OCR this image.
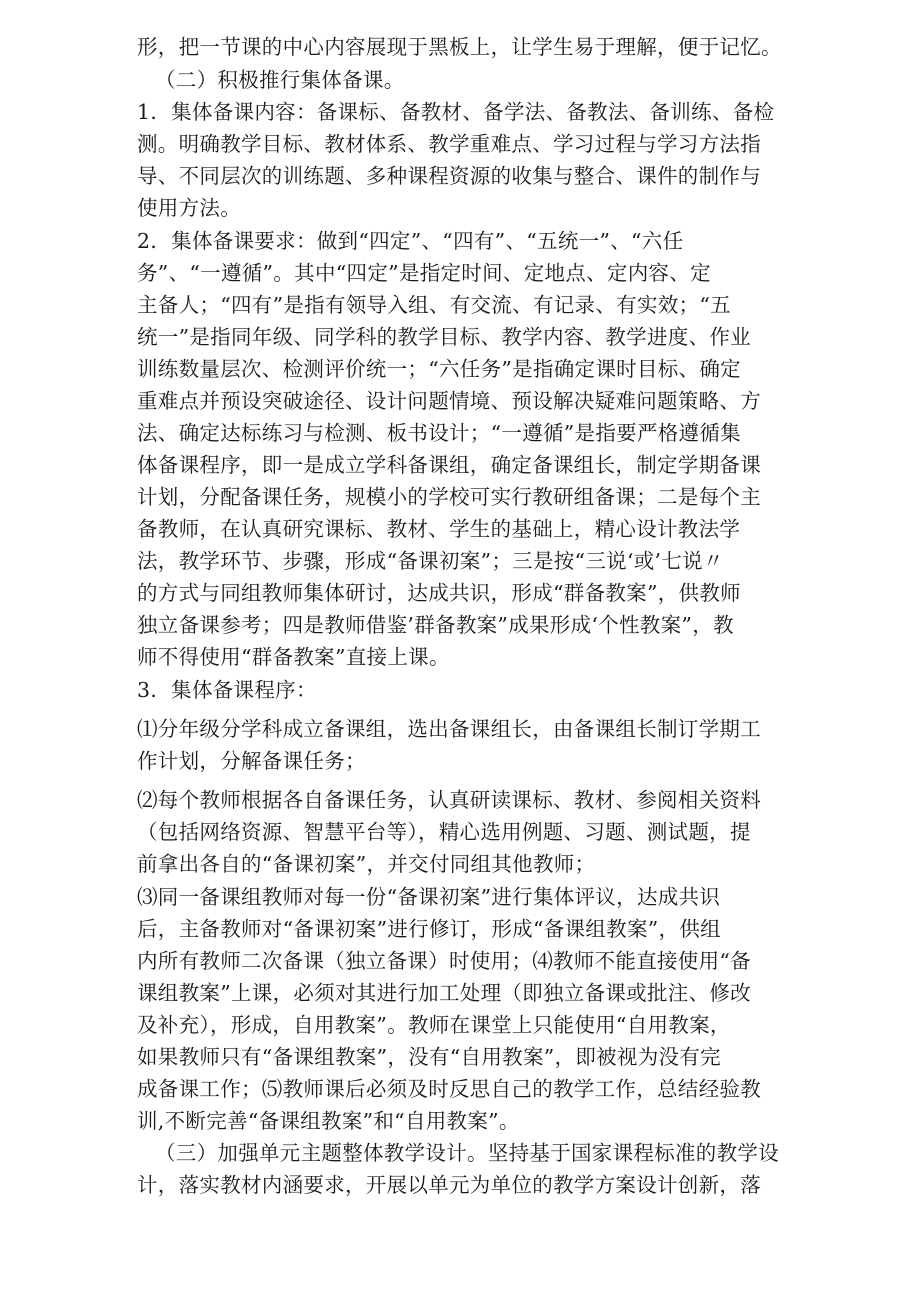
形，把一节课的中心内容展现于黑板上，让学生易于理解，便于记忆。

（二）积极推行集体备课。

1．集体备课内容：备课标、备教材、备学法、备教法、备训练、备检

测。明确教学目标、教材体系、教学重难点、学习过程与学习方法指

导、不同层次的训练题、多种课程资源的收集与整合、课件的制作与

使用方法。

2．集体备课要求：做到“四定”、“四有”、“五统一”、“六任

务”、“一遵循”。其中“四定”是指定时间、定地点、定内容、定

主备人；“四有”是指有领导入组、有交流、有记录、有实效；“五

统一”是指同年级、同学科的教学目标、教学内容、教学进度、作业

训练数量层次、检测评价统一；“六任务”是指确定课时目标、确定

重难点并预设突破途径、设计问题情境、预设解决疑难问题策略、方

法、确定达标练习与检测、板书设计；“一遵循”是指要严格遵循集

体备课程序，即一是成立学科备课组，确定备课组长，制定学期备课

计划，分配备课任务，规模小的学校可实行教研组备课；二是每个主

备教师，在认真研究课标、教材、学生的基础上，精心设计教法学

法，教学环节、步骤，形成“备课初案”；三是按“三说‘或’七说〃

的方式与同组教师集体研讨，达成共识，形成“群备教案”，供教师

独立备课参考；四是教师借鉴’群备教案”成果形成‘个性教案”，教

师不得使用“群备教案”直接上课。

3．集体备课程序：

⑴分年级分学科成立备课组，选出备课组长，由备课组长制订学期工

作计划，分解备课任务；

⑵每个教师根据各自备课任务，认真研读课标、教材、参阅相关资料

（包括网络资源、智慧平台等），精心选用例题、习题、测试题，提

前拿出各自的“备课初案”，并交付同组其他教师；

⑶同一备课组教师对每一份“备课初案”进行集体评议，达成共识

后，主备教师对“备课初案”进行修订，形成“备课组教案”，供组

内所有教师二次备课（独立备课）时使用；⑷教师不能直接使用“备

课组教案”上课，必须对其进行加工处理（即独立备课或批注、修改

及补充），形成，自用教案”。教师在课堂上只能使用“自用教案，

如果教师只有“备课组教案”，没有“自用教案”，即被视为没有完

成备课工作；⑸教师课后必须及时反思自己的教学工作，总结经验教

训,不断完善“备课组教案”和“自用教案”。

（三）加强单元主题整体教学设计。坚持基于国家课程标准的教学设

计，落实教材内涵要求，开展以单元为单位的教学方案设计创新，落
